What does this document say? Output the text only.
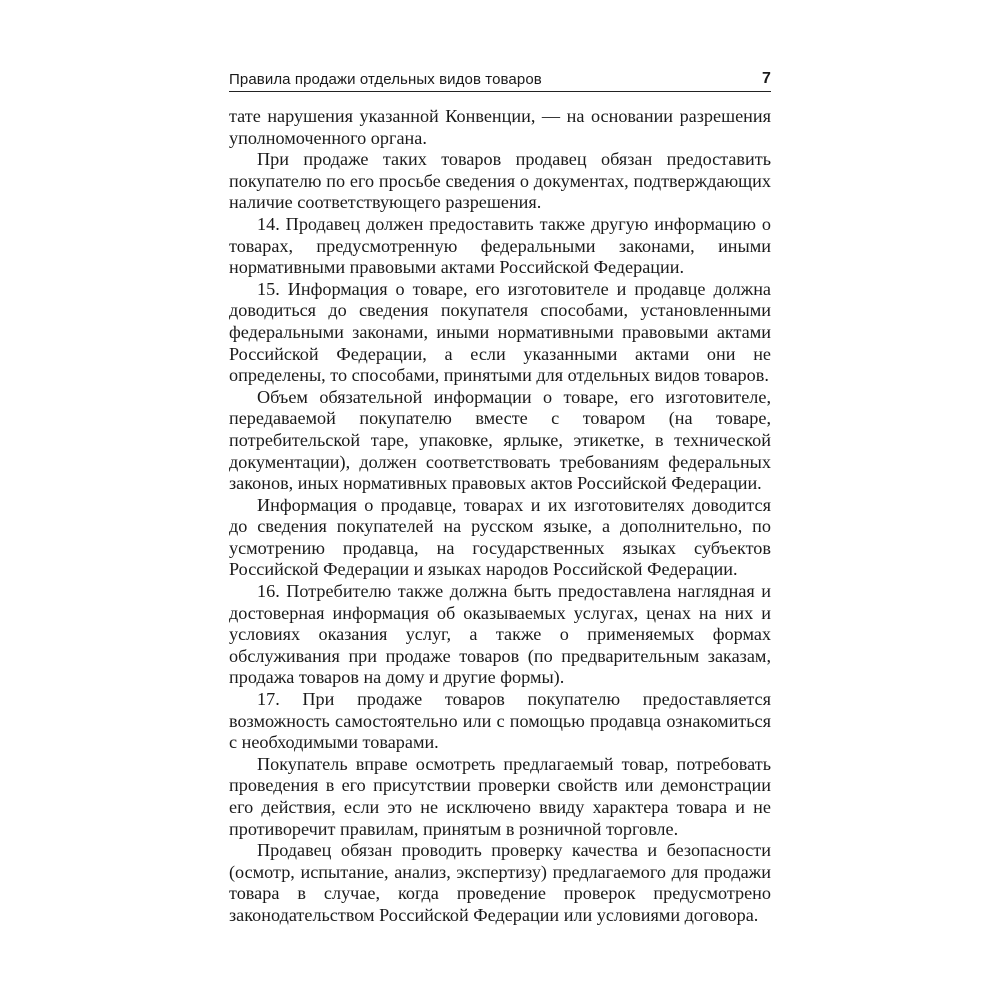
Правила продажи отдельных видов товаров	7

тате нарушения указанной Конвенции, — на основании разрешения уполномоченного органа.

При продаже таких товаров продавец обязан предоставить покупателю по его просьбе сведения о документах, подтверждающих наличие соответствующего разрешения.

14. Продавец должен предоставить также другую информацию о товарах, предусмотренную федеральными законами, иными нормативными правовыми актами Российской Федерации.

15. Информация о товаре, его изготовителе и продавце должна доводиться до сведения покупателя способами, установленными федеральными законами, иными нормативными правовыми актами Российской Федерации, а если указанными актами они не определены, то способами, принятыми для отдельных видов товаров.

Объем обязательной информации о товаре, его изготовителе, передаваемой покупателю вместе с товаром (на товаре, потребительской таре, упаковке, ярлыке, этикетке, в технической документации), должен соответствовать требованиям федеральных законов, иных нормативных правовых актов Российской Федерации.

Информация о продавце, товарах и их изготовителях доводится до сведения покупателей на русском языке, а дополнительно, по усмотрению продавца, на государственных языках субъектов Российской Федерации и языках народов Российской Федерации.

16. Потребителю также должна быть предоставлена наглядная и достоверная информация об оказываемых услугах, ценах на них и условиях оказания услуг, а также о применяемых формах обслуживания при продаже товаров (по предварительным заказам, продажа товаров на дому и другие формы).

17. При продаже товаров покупателю предоставляется возможность самостоятельно или с помощью продавца ознакомиться с необходимыми товарами.

Покупатель вправе осмотреть предлагаемый товар, потребовать проведения в его присутствии проверки свойств или демонстрации его действия, если это не исключено ввиду характера товара и не противоречит правилам, принятым в розничной торговле.

Продавец обязан проводить проверку качества и безопасности (осмотр, испытание, анализ, экспертизу) предлагаемого для продажи товара в случае, когда проведение проверок предусмотрено законодательством Российской Федерации или условиями договора.
